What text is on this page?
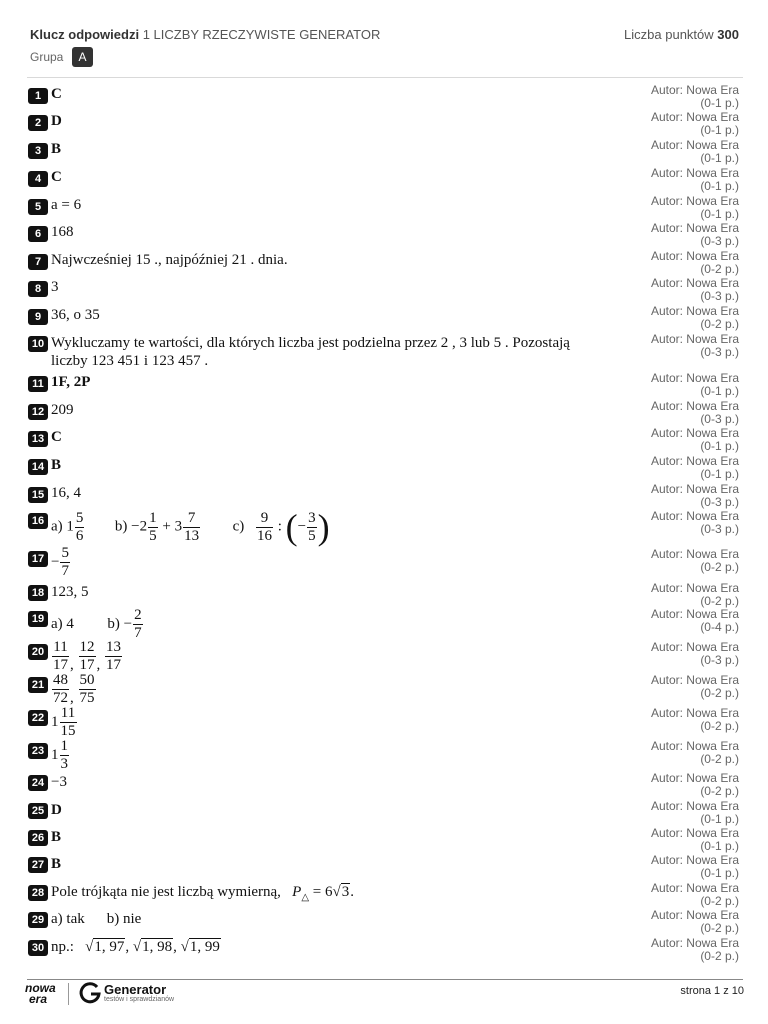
Klucz odpowiedzi 1 LICZBY RZECZYWISTE GENERATOR	Liczba punktów 300
Grupa	A
1 C	Autor: Nowa Era
(0-1 p.)
2 D	Autor: Nowa Era
(0-1 p.)
3 B	Autor: Nowa Era
(0-1 p.)
4 C	Autor: Nowa Era
(0-1 p.)
5 a = 6	Autor: Nowa Era
(0-1 p.)
6 168	Autor: Nowa Era
(0-3 p.)
7 Najwcześniej 15 ., najpóźniej 21 . dnia.	Autor: Nowa Era
(0-2 p.)
8 3	Autor: Nowa Era
(0-3 p.)
9 36, o 35	Autor: Nowa Era
(0-2 p.)
10 Wykluczamy te wartości, dla których liczba jest podzielna przez 2 , 3 lub 5 . Pozostają
liczby 123 451 i 123 457 .
Autor: Nowa Era
(0-3 p.)
11 1F, 2P	Autor: Nowa Era
(0-1 p.)
12 209	Autor: Nowa Era
(0-3 p.)
13 C	Autor: Nowa Era
(0-1 p.)
14 B	Autor: Nowa Era
(0-1 p.)
15 16, 4	Autor: Nowa Era
(0-3 p.)
16 a) $1 \frac{5}{6} b) -2 \frac{1}{5} + 3 \frac{7}{13} c) \frac{9}{16}$ : (− $\frac{3}{5}$ )	Autor: Nowa Era
(0-3 p.)
$17 - \frac{5}{7}$	Autor: Nowa Era
(0-2 p.)
18 123, 5	Autor: Nowa Era
(0-2 p.)
19 a) 4 $b) - \frac{2}{7}$	Autor: Nowa Era
(0-4 p.)
$20 \frac{11}{17}$ , $\frac{12}{17}$ , $\frac{13}{17}$	Autor: Nowa Era
(0-3 p.)
$21 \frac{48}{72}$ , $\frac{50}{75}$	Autor: Nowa Era
(0-2 p.)
22 $1 \frac{11}{15}$	Autor: Nowa Era
(0-2 p.)
23 $1 \frac{1}{3}$	Autor: Nowa Era
(0-2 p.)
24 −3	Autor: Nowa Era
(0-2 p.)
25 D	Autor: Nowa Era
(0-1 p.)
26 B	Autor: Nowa Era
(0-1 p.)
27 B	Autor: Nowa Era
(0-1 p.)
28 Pole trójkąta nie jest liczbą wymierną, $P_\triangle = 6√3$.	Autor: Nowa Era
(0-2 p.)
29 a) tak b) nie	Autor: Nowa Era
(0-2 p.)
30 np.: √1, 97, √1, 98, √1, 99	Autor: Nowa Era
(0-2 p.)
nowa
era
Generator
testów i sprawdzianów
strona 1 z 10
